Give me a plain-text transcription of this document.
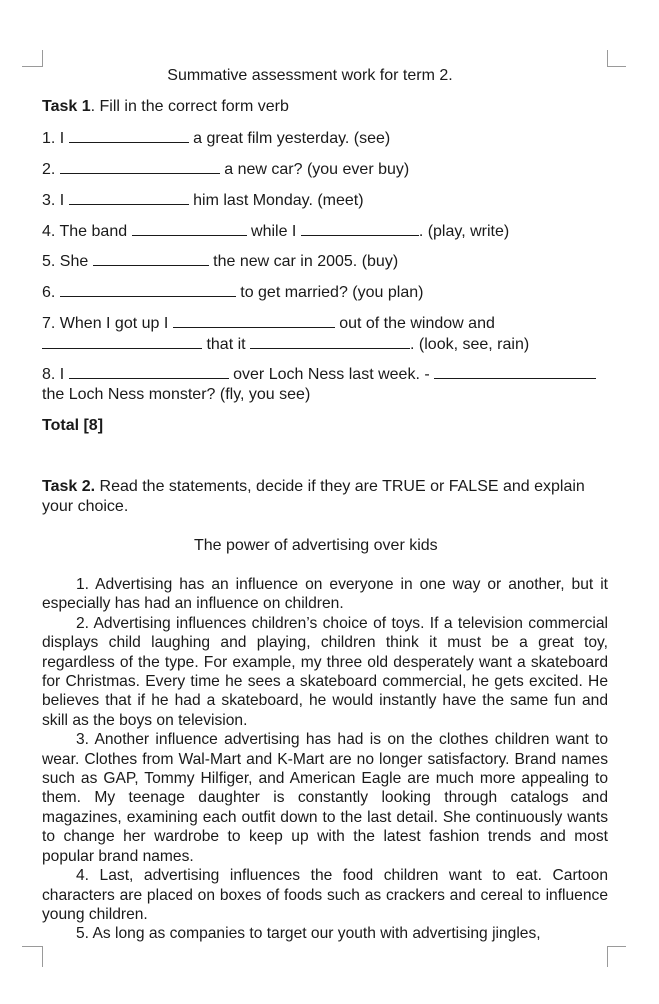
Summative assessment work for term 2.
Task 1. Fill in the correct form verb
1. I	a great film yesterday. (see)
2.	a new car? (you ever buy)
3. I	him last Monday. (meet)
4. The band	while I	. (play, write)
5. She	the new car in 2005. (buy)
6.	to get married? (you plan)
7. When I got up I	out of the window and
that it	. (look, see, rain)
8. I	over Loch Ness last week. -
the Loch Ness monster? (fly, you see)
Total [8]
Task 2. Read the statements, decide if they are TRUE or FALSE and explain
your choice.
The power of advertising over kids

1. Advertising has an influence on everyone in one way or another, but it especially has had an influence on children.

2. Advertising influences children’s choice of toys. If a television commercial displays child laughing and playing, children think it must be a great toy, regardless of the type. For example, my three old desperately want a skateboard for Christmas. Every time he sees a skateboard commercial, he gets excited. He believes that if he had a skateboard, he would instantly have the same fun and skill as the boys on television.

3. Another influence advertising has had is on the clothes children want to wear. Clothes from Wal-Mart and K-Mart are no longer satisfactory. Brand names such as GAP, Tommy Hilfiger, and American Eagle are much more appealing to them. My teenage daughter is constantly looking through catalogs and magazines, examining each outfit down to the last detail. She continuously wants to change her wardrobe to keep up with the latest fashion trends and most popular brand names.

4. Last, advertising influences the food children want to eat. Cartoon characters are placed on boxes of foods such as crackers and cereal to influence young children.

5. As long as companies to target our youth with advertising jingles,
